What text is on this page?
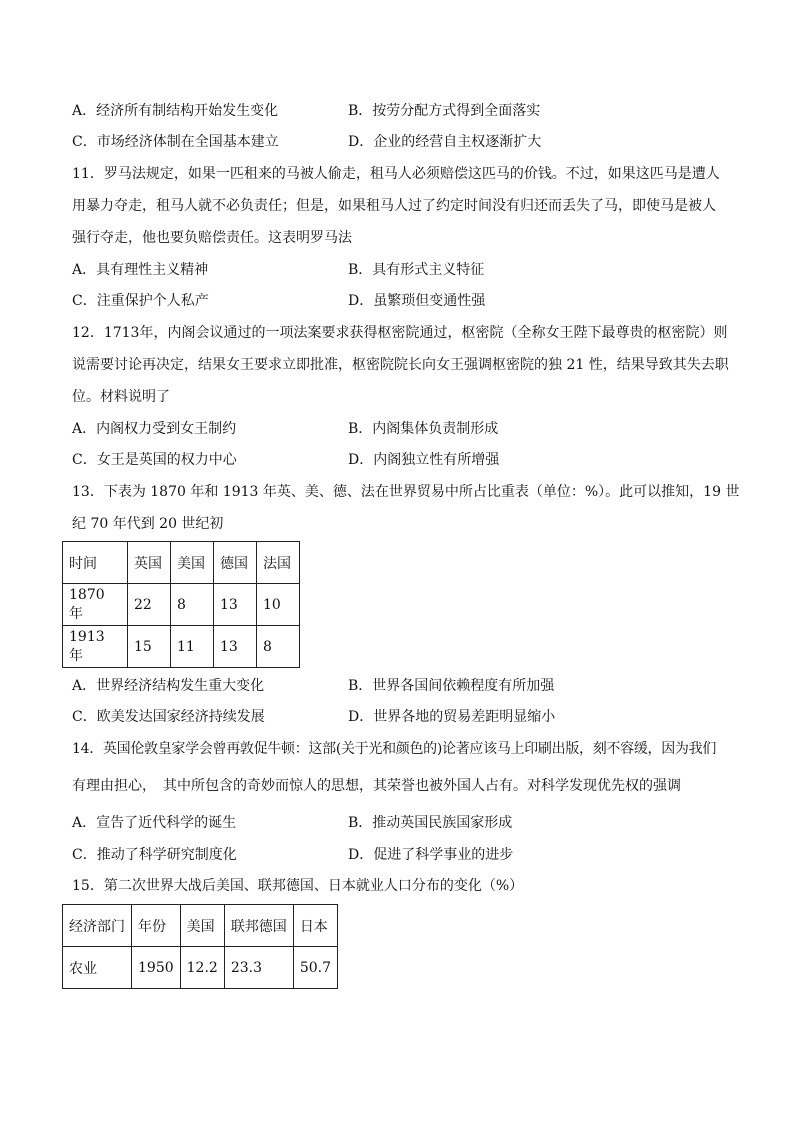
A．经济所有制结构开始发生变化	B．按劳分配方式得到全面落实
C．市场经济体制在全国基本建立	D．企业的经营自主权逐渐扩大
11．罗马法规定，如果一匹租来的马被人偷走，租马人必须赔偿这匹马的价钱。不过，如果这匹马是遭人
用暴力夺走，租马人就不必负责任；但是，如果租马人过了约定时间没有归还而丢失了马，即使马是被人
强行夺走，他也要负赔偿责任。这表明罗马法
A．具有理性主义精神	B．具有形式主义特征
C．注重保护个人私产	D．虽繁琐但变通性强
12．1713年，内阁会议通过的一项法案要求获得枢密院通过，枢密院（全称女王陛下最尊贵的枢密院）则
说需要讨论再决定，结果女王要求立即批准，枢密院院长向女王强调枢密院的独 21 性，结果导致其失去职
位。材料说明了
A．内阁权力受到女王制约	B．内阁集体负责制形成
C．女王是英国的权力中心	D．内阁独立性有所增强
13．下表为 1870 年和 1913 年英、美、德、法在世界贸易中所占比重表（单位：%）。此可以推知，19 世
纪 70 年代到 20 世纪初
时间	英国	美国	德国	法国
1870 年	22	8	13	10
1913 年	15	11	13	8
A．世界经济结构发生重大变化	B．世界各国间依赖程度有所加强
C．欧美发达国家经济持续发展	D．世界各地的贸易差距明显缩小
14．英国伦敦皇家学会曾再敦促牛顿：这部(关于光和颜色的)论著应该马上印刷出版，刻不容缓，因为我们
有理由担心，　其中所包含的奇妙而惊人的思想，其荣誉也被外国人占有。对科学发现优先权的强调
A．宣告了近代科学的诞生	B．推动英国民族国家形成
C．推动了科学研究制度化	D．促进了科学事业的进步
15．第二次世界大战后美国、联邦德国、日本就业人口分布的变化（%）
经济部门	年份	美国	联邦德国	日本
农业	1950	12.2	23.3	50.7
